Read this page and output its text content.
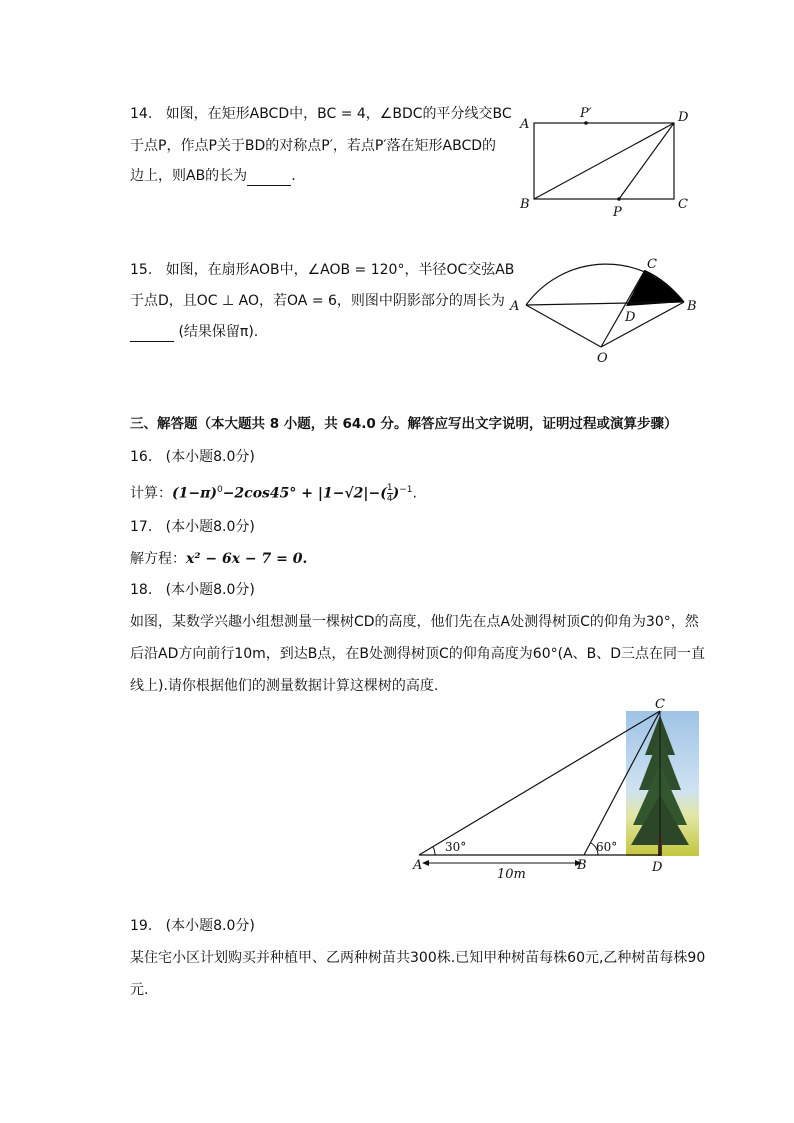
14. 如图，在矩形ABCD中，BC = 4，∠BDC的平分线交BC
于点P，作点P关于BD的对称点P′，若点P′落在矩形ABCD的
边上，则AB的长为	.
A
P′	D
B
P
C
15. 如图，在扇形AOB中，∠AOB = 120°，半径OC交弦AB
于点D，且OC ⊥ AO，若OA = 6，则图中阴影部分的周长为
(结果保留π).
C
A
D
B
O
三、解答题（本大题共 8 小题，共 64.0 分。解答应写出文字说明，证明过程或演算步骤）
16. (本小题8.0分)
计算：$(1-\pi)^0-2\cos 45^\circ + |1-√2|-( \frac{1}{4} )^{-1}$.
17. (本小题8.0分)
解方程：x² − 6x − 7 = 0.
18. (本小题8.0分)
如图，某数学兴趣小组想测量一棵树CD的高度，他们先在点A处测得树顶C的仰角为30°，然
后沿AD方向前行10m，到达B点，在B处测得树顶C的仰角高度为60°(A、B、D三点在同一直
线上).请你根据他们的测量数据计算这棵树的高度.
C
30°	60°
A	B	D
10m
19. (本小题8.0分)
某住宅小区计划购买并种植甲、乙两种树苗共300株.已知甲种树苗每株60元,乙种树苗每株90
元.
